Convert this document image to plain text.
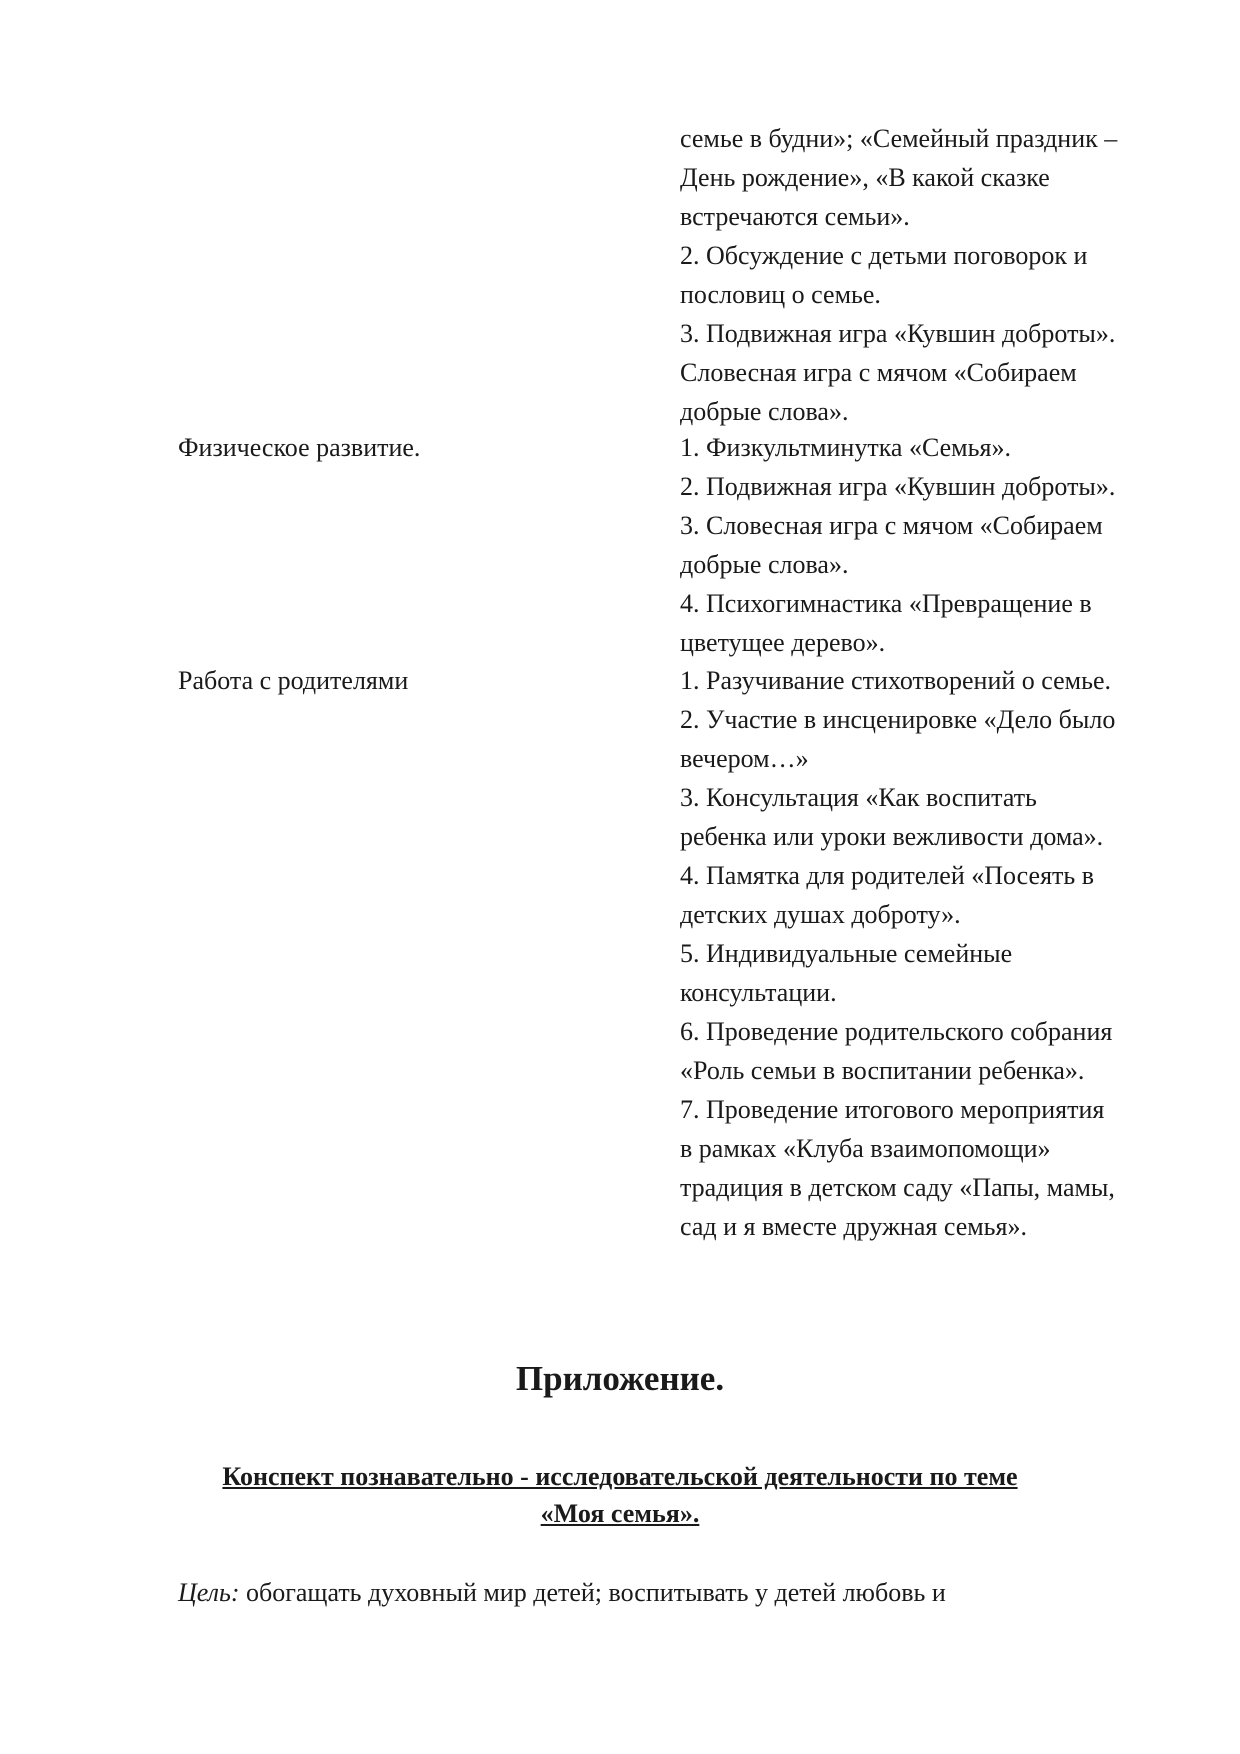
семье в будни»; «Семейный праздник –
День рождение», «В какой сказке
встречаются семьи».
2. Обсуждение с детьми поговорок и
пословиц о семье.
3. Подвижная игра «Кувшин доброты».
Словесная игра с мячом «Собираем
добрые слова».
Физическое развитие.	1. Физкультминутка «Семья».
2. Подвижная игра «Кувшин доброты».
3. Словесная игра с мячом «Собираем
добрые слова».
4. Психогимнастика «Превращение в
цветущее дерево».
Работа с родителями	1. Разучивание стихотворений о семье.
2. Участие в инсценировке «Дело было
вечером…»
3. Консультация «Как воспитать
ребенка или уроки вежливости дома».
4. Памятка для родителей «Посеять в
детских душах доброту».
5. Индивидуальные семейные
консультации.
6. Проведение родительского собрания
«Роль семьи в воспитании ребенка».
7. Проведение итогового мероприятия
в рамках «Клуба взаимопомощи»
традиция в детском саду «Папы, мамы,
сад и я вместе дружная семья».
Приложение.
Конспект познавательно - исследовательской деятельности по теме
«Моя семья».
Цель: обогащать духовный мир детей; воспитывать у детей любовь и
